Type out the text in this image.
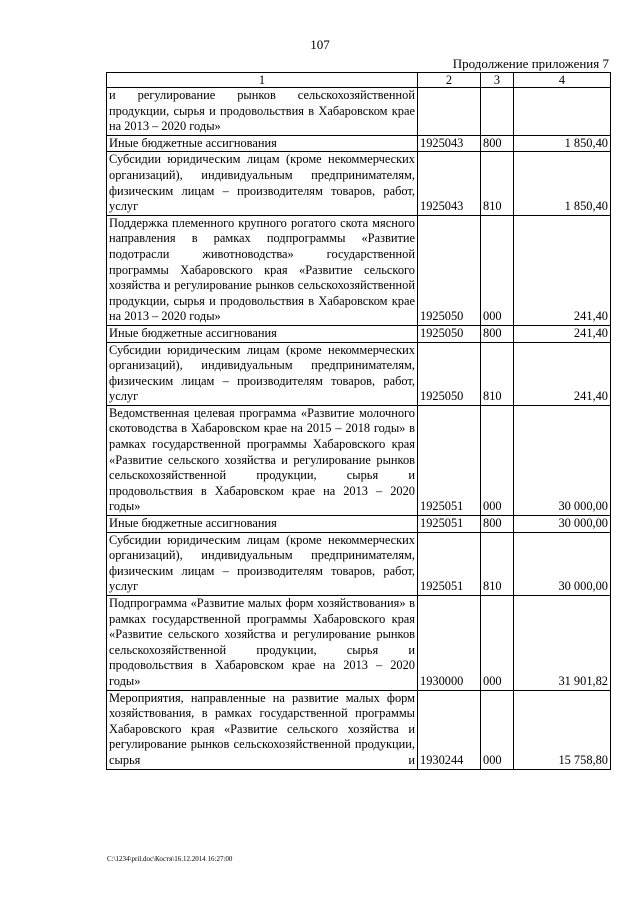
107
Продолжение приложения 7
1	2	3	4
и регулирование рынков сельскохозяйственной продукции, сырья и продовольствия в Хабаровском крае на 2013 – 2020 годы»			
Иные бюджетные ассигнования	1925043	800	1 850,40
Субсидии юридическим лицам (кроме некоммерческих организаций), индивидуальным предпринимателям, физическим лицам – производителям товаров, работ, услуг	1925043	810	1 850,40
Поддержка племенного крупного рогатого скота мясного направления в рамках подпрограммы «Развитие подотрасли животноводства» государственной программы Хабаровского края «Развитие сельского хозяйства и регулирование рынков сельскохозяйственной продукции, сырья и продовольствия в Хабаровском крае на 2013 – 2020 годы»	1925050	000	241,40
Иные бюджетные ассигнования	1925050	800	241,40
Субсидии юридическим лицам (кроме некоммерческих организаций), индивидуальным предпринимателям, физическим лицам – производителям товаров, работ, услуг	1925050	810	241,40
Ведомственная целевая программа «Развитие молочного скотоводства в Хабаровском крае на 2015 – 2018 годы» в рамках государственной программы Хабаровского края «Развитие сельского хозяйства и регулирование рынков сельскохозяйственной продукции, сырья и продовольствия в Хабаровском крае на 2013 – 2020 годы»	1925051	000	30 000,00
Иные бюджетные ассигнования	1925051	800	30 000,00
Субсидии юридическим лицам (кроме некоммерческих организаций), индивидуальным предпринимателям, физическим лицам – производителям товаров, работ, услуг	1925051	810	30 000,00
Подпрограмма «Развитие малых форм хозяйствования» в рамках государственной программы Хабаровского края «Развитие сельского хозяйства и регулирование рынков сельскохозяйственной продукции, сырья и продовольствия в Хабаровском крае на 2013 – 2020 годы»	1930000	000	31 901,82
Мероприятия, направленные на развитие малых форм хозяйствования, в рамках государственной программы Хабаровского края «Развитие сельского хозяйства и регулирование рынков сельскохозяйственной продукции, сырья и	1930244	000	15 758,80
C:\1234\pril.doc\Костя\16.12.2014 16:27:00
